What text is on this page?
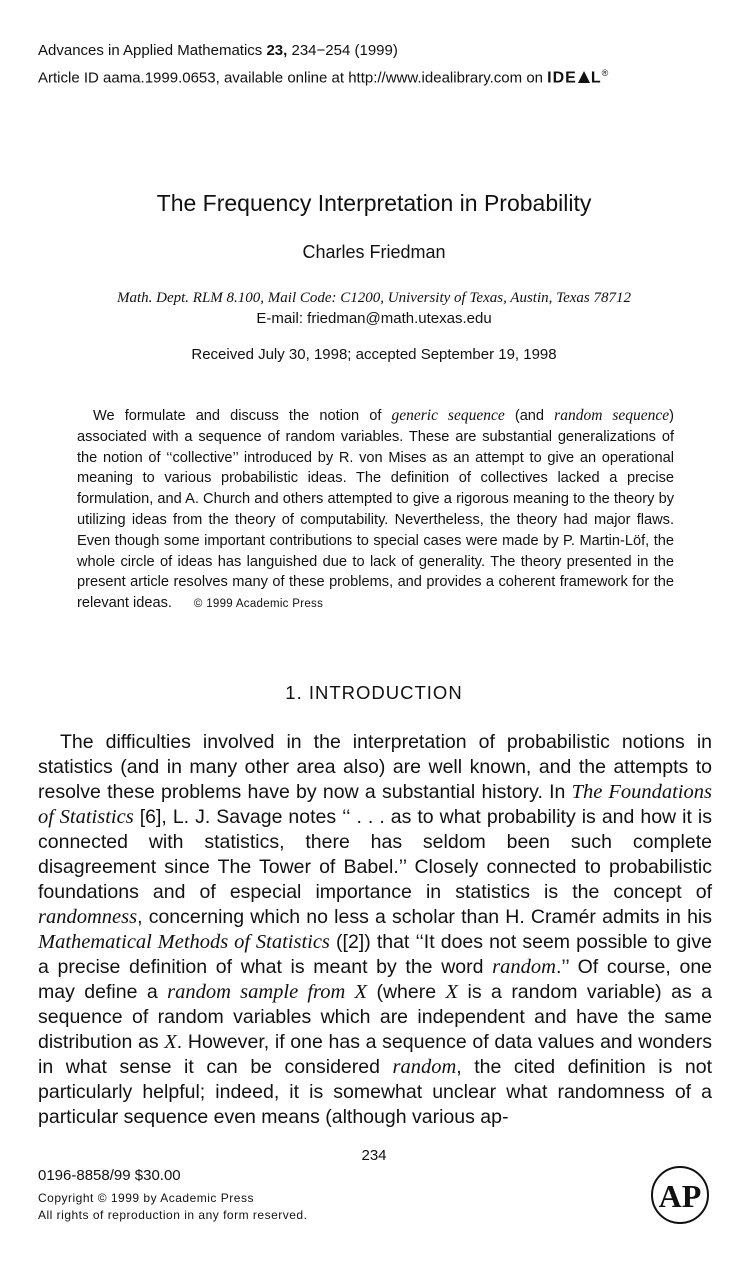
Advances in Applied Mathematics 23, 234−254 (1999)
Article ID aama.1999.0653, available online at http://www.idealibrary.com on IDE L®
The Frequency Interpretation in Probability
Charles Friedman
Math. Dept. RLM 8.100, Mail Code: C1200, University of Texas, Austin, Texas 78712
E-mail: friedman@math.utexas.edu
Received July 30, 1998; accepted September 19, 1998
We formulate and discuss the notion of generic sequence (and random sequence) associated with a sequence of random variables. These are substantial generalizations of the notion of ‘‘collective’’ introduced by R. von Mises as an attempt to give an operational meaning to various probabilistic ideas. The definition of collectives lacked a precise formulation, and A. Church and others attempted to give a rigorous meaning to the theory by utilizing ideas from the theory of computability. Nevertheless, the theory had major flaws. Even though some important contributions to special cases were made by P. Martin-Löf, the whole circle of ideas has languished due to lack of generality. The theory presented in the present article resolves many of these problems, and provides a coherent framework for the relevant ideas. © 1999 Academic Press
1. INTRODUCTION
The difficulties involved in the interpretation of probabilistic notions in statistics (and in many other area also) are well known, and the attempts to resolve these problems have by now a substantial history. In The Foundations of Statistics [6], L. J. Savage notes ‘‘ . . . as to what probability is and how it is connected with statistics, there has seldom been such complete disagreement since The Tower of Babel.’’ Closely connected to probabilistic foundations and of especial importance in statistics is the concept of randomness, concerning which no less a scholar than H. Cramér admits in his Mathematical Methods of Statistics ([2]) that ‘‘It does not seem possible to give a precise definition of what is meant by the word random.’’ Of course, one may define a random sample from X (where X is a random variable) as a sequence of random variables which are independent and have the same distribution as X. However, if one has a sequence of data values and wonders in what sense it can be considered random, the cited definition is not particularly helpful; indeed, it is somewhat unclear what randomness of a particular sequence even means (although various ap-
234
0196-8858/99 $30.00
Copyright © 1999 by Academic Press
All rights of reproduction in any form reserved.
AP
